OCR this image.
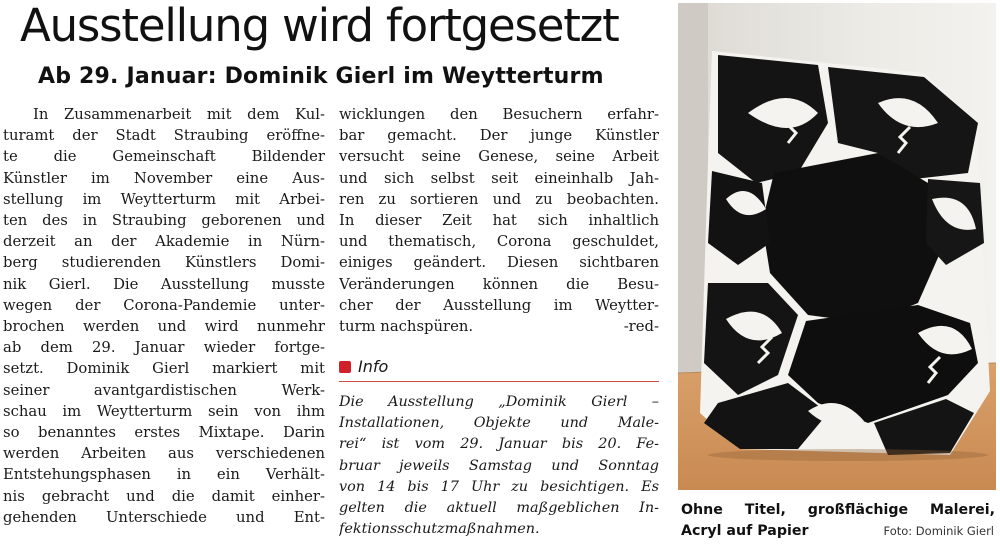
Ausstellung wird fortgesetzt
Ab 29. Januar: Dominik Gierl im Weytterturm
In Zusammenarbeit mit dem Kul-
turamt der Stadt Straubing eröffne-
te die Gemeinschaft Bildender
Künstler im November eine Aus-
stellung im Weytterturm mit Arbei-
ten des in Straubing geborenen und
derzeit an der Akademie in Nürn-
berg studierenden Künstlers Domi-
nik Gierl. Die Ausstellung musste
wegen der Corona-Pandemie unter-
brochen werden und wird nunmehr
ab dem 29. Januar wieder fortge-
setzt. Dominik Gierl markiert mit
seiner avantgardistischen Werk-
schau im Weytterturm sein von ihm
so benanntes erstes Mixtape. Darin
werden Arbeiten aus verschiedenen
Entstehungsphasen in ein Verhält-
nis gebracht und die damit einher-
gehenden Unterschiede und Ent-
wicklungen den Besuchern erfahr-
bar gemacht. Der junge Künstler
versucht seine Genese, seine Arbeit
und sich selbst seit eineinhalb Jah-
ren zu sortieren und zu beobachten.
In dieser Zeit hat sich inhaltlich
und thematisch, Corona geschuldet,
einiges geändert. Diesen sichtbaren
Veränderungen können die Besu-
cher der Ausstellung im Weytter-
turm nachspüren.	-red-
Info
Die Ausstellung „Dominik Gierl –
Installationen, Objekte und Male-
rei“ ist vom 29. Januar bis 20. Fe-
bruar jeweils Samstag und Sonntag
von 14 bis 17 Uhr zu besichtigen. Es
gelten die aktuell maßgeblichen In-
fektionsschutzmaßnahmen.
Ohne Titel, großflächige Malerei,
Acryl auf Papier	Foto: Dominik Gierl
